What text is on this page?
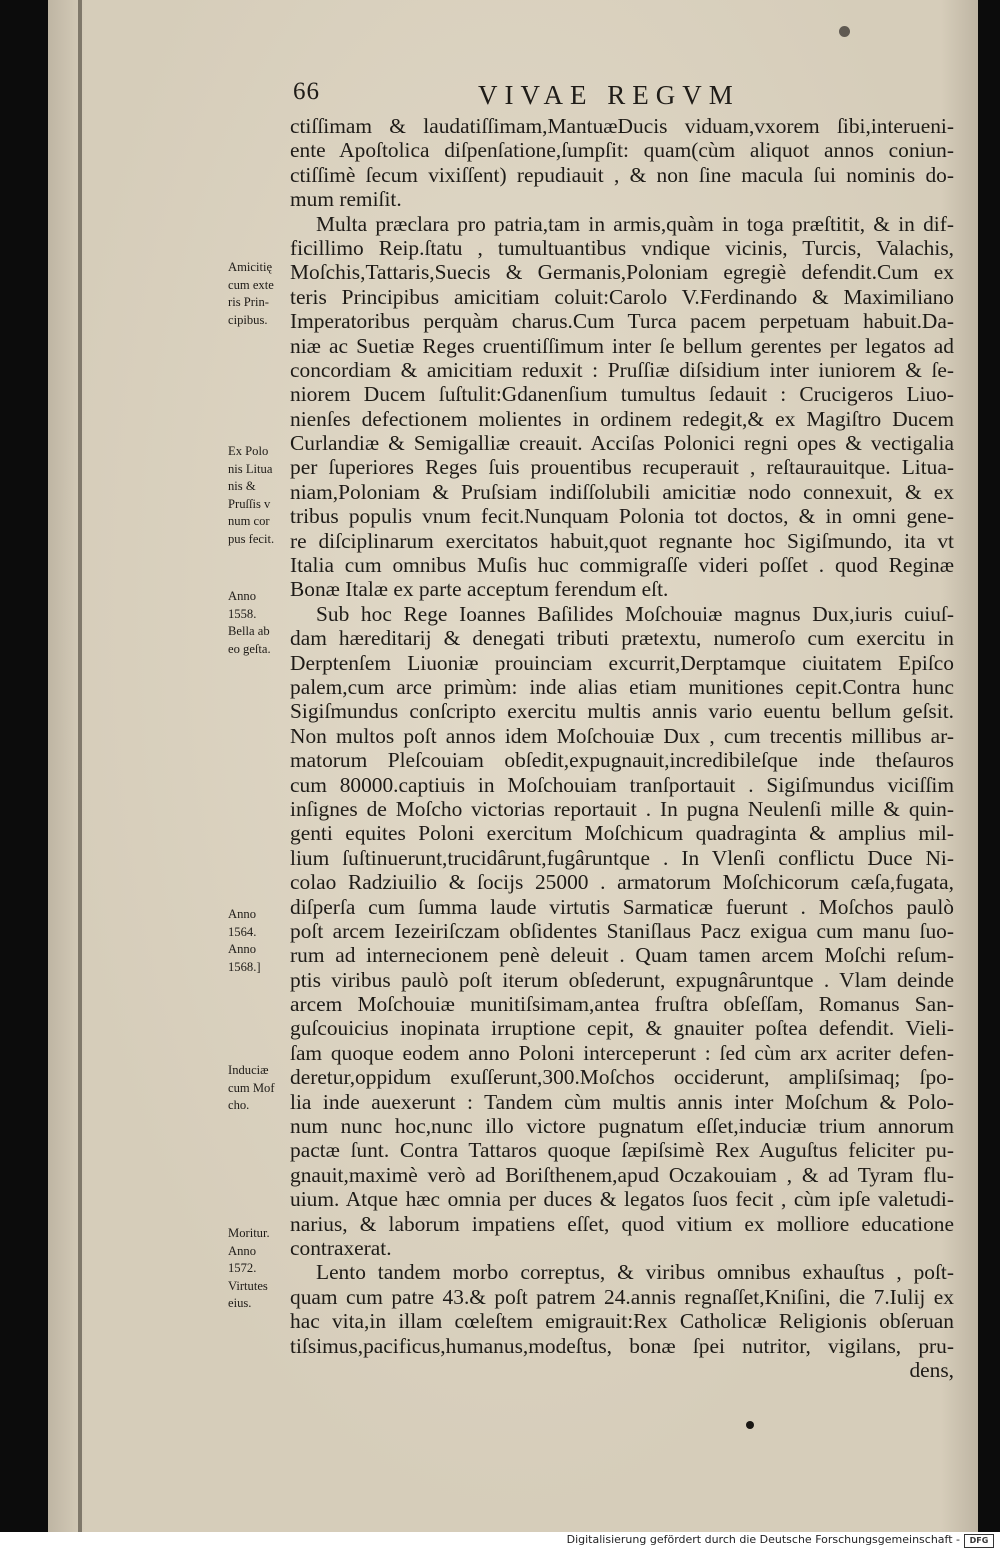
66	VIVAE REGVM
ctiſſimam & laudatiſſimam,MantuæDucis viduam,vxorem ſibi,interueni-
ente Apoſtolica diſpenſatione,ſumpſit: quam(cùm aliquot annos coniun-
ctiſſimè ſecum vixiſſent) repudiauit , & non ſine macula ſui nominis do-
mum remiſit.
Multa præclara pro patria,tam in armis,quàm in toga præſtitit, & in dif-
ficillimo Reip.ſtatu , tumultuantibus vndique vicinis, Turcis, Valachis,
Moſchis,Tattaris,Suecis & Germanis,Poloniam egregiè defendit.Cum ex
teris Principibus amicitiam coluit:Carolo V.Ferdinando & Maximiliano
Imperatoribus perquàm charus.Cum Turca pacem perpetuam habuit.Da-
niæ ac Suetiæ Reges cruentiſſimum inter ſe bellum gerentes per legatos ad
concordiam & amicitiam reduxit : Pruſſiæ diſsidium inter iuniorem & ſe-
niorem Ducem ſuſtulit:Gdanenſium tumultus ſedauit : Crucigeros Liuo-
nienſes defectionem molientes in ordinem redegit,& ex Magiſtro Ducem
Curlandiæ & Semigalliæ creauit. Acciſas Polonici regni opes & vectigalia
per ſuperiores Reges ſuis prouentibus recuperauit , reſtaurauitque. Litua-
niam,Poloniam & Pruſsiam indiſſolubili amicitiæ nodo connexuit, & ex
tribus populis vnum fecit.Nunquam Polonia tot doctos, & in omni gene-
re diſciplinarum exercitatos habuit,quot regnante hoc Sigiſmundo, ita vt
Italia cum omnibus Muſis huc commigraſſe videri poſſet . quod Reginæ
Bonæ Italæ ex parte acceptum ferendum eſt.
Sub hoc Rege Ioannes Baſilides Moſchouiæ magnus Dux,iuris cuiuſ-
dam hæreditarij & denegati tributi prætextu, numeroſo cum exercitu in
Derptenſem Liuoniæ prouinciam excurrit,Derptamque ciuitatem Epiſco
palem,cum arce primùm: inde alias etiam munitiones cepit.Contra hunc
Sigiſmundus conſcripto exercitu multis annis vario euentu bellum geſsit.
Non multos poſt annos idem Moſchouiæ Dux , cum trecentis millibus ar-
matorum Pleſcouiam obſedit,expugnauit,incredibileſque inde theſauros
cum 80000.captiuis in Moſchouiam tranſportauit . Sigiſmundus viciſſim
inſignes de Moſcho victorias reportauit . In pugna Neulenſi mille & quin-
genti equites Poloni exercitum Moſchicum quadraginta & amplius mil-
lium ſuſtinuerunt,trucidârunt,fugâruntque . In Vlenſi conflictu Duce Ni-
colao Radziuilio & ſocijs 25000 . armatorum Moſchicorum cæſa,fugata,
diſperſa cum ſumma laude virtutis Sarmaticæ fuerunt . Moſchos paulò
poſt arcem Iezeiriſczam obſidentes Staniſlaus Pacz exigua cum manu ſuo-
rum ad internecionem penè deleuit . Quam tamen arcem Moſchi reſum-
ptis viribus paulò poſt iterum obſederunt, expugnâruntque . Vlam deinde
arcem Moſchouiæ munitiſsimam,antea fruſtra obſeſſam, Romanus San-
guſcouicius inopinata irruptione cepit, & gnauiter poſtea defendit. Vieli-
ſam quoque eodem anno Poloni interceperunt : ſed cùm arx acriter defen-
deretur,oppidum exuſſerunt,300.Moſchos occiderunt, ampliſsimaq; ſpo-
lia inde auexerunt : Tandem cùm multis annis inter Moſchum & Polo-
num nunc hoc,nunc illo victore pugnatum eſſet,induciæ trium annorum
pactæ ſunt. Contra Tattaros quoque ſæpiſsimè Rex Auguſtus feliciter pu-
gnauit,maximè verò ad Boriſthenem,apud Oczakouiam , & ad Tyram flu-
uium. Atque hæc omnia per duces & legatos ſuos fecit , cùm ipſe valetudi-
narius, & laborum impatiens eſſet, quod vitium ex molliore educatione
contraxerat.
Lento tandem morbo correptus, & viribus omnibus exhauſtus , poſt-
quam cum patre 43.& poſt patrem 24.annis regnaſſet,Kniſini, die 7.Iulij ex
hac vita,in illam cœleſtem emigrauit:Rex Catholicæ Religionis obſeruan
tiſsimus,pacificus,humanus,modeſtus, bonæ ſpei nutritor, vigilans, pru-
dens,
Amicitię
cum exte
ris Prin-
cipibus.
Ex Polo
nis Litua
nis &
Pruſſis v
num cor
pus fecit.
Anno
1558.
Bella ab
eo geſta.
Anno
1564.
Anno
1568.]
Induciæ
cum Mof
cho.
Moritur.
Anno
1572.
Virtutes
eius.
Digitalisierung gefördert durch die Deutsche Forschungsgemeinschaft -	DFG
